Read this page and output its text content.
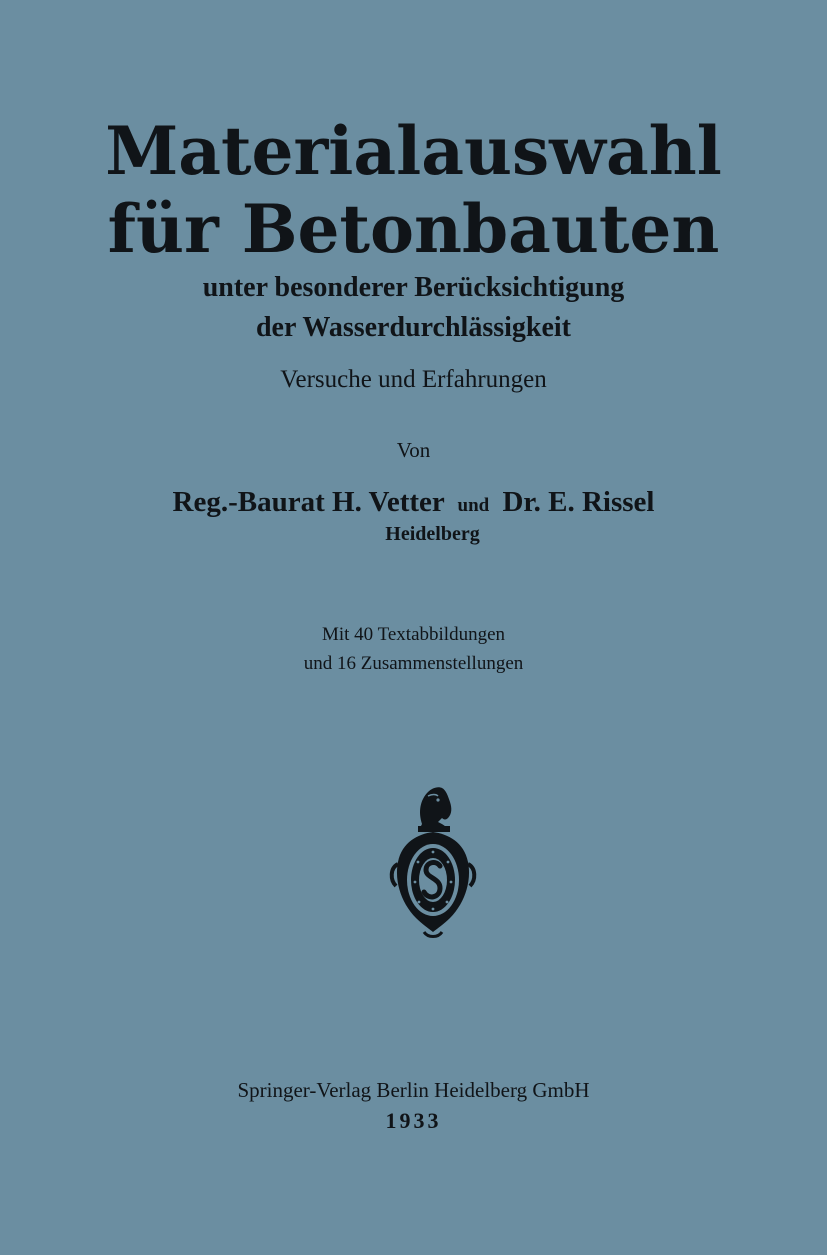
Materialauswahl
für Betonbauten
unter besonderer Berücksichtigung
der Wasserdurchlässigkeit
Versuche und Erfahrungen
Von
Reg.-Baurat H. Vetter und Dr. E. Rissel
Heidelberg
Mit 40 Textabbildungen
und 16 Zusammenstellungen
Springer-Verlag Berlin Heidelberg GmbH
1933
